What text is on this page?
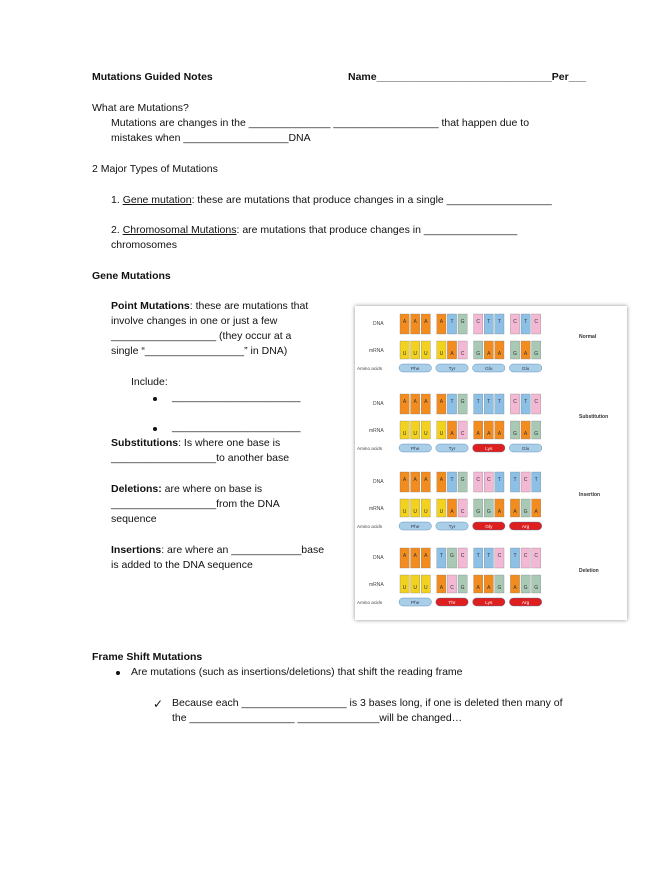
Mutations Guided Notes	Name______________________________Per___
What are Mutations?
Mutations are changes in the ______________ __________________ that happen due to
mistakes when __________________DNA
2 Major Types of Mutations
1. Gene mutation: these are mutations that produce changes in a single __________________
2. Chromosomal Mutations: are mutations that produce changes in ________________
chromosomes
Gene Mutations
Point Mutations: these are mutations that
involve changes in one or just a few
__________________ (they occur at a
single “_________________” in DNA)
Include:
______________________
______________________
Substitutions: Is where one base is
__________________to another base
Deletions: are where on base is
__________________from the DNA
sequence
Insertions: are where an ____________base
is added to the DNA sequence
DNA
mRNA
Amino acids
Normal
A A A A T G C T T C T C
U U U U A C G A A G A G
Phe	Tyr	Glu	Glu
DNA
mRNA
Amino acids
Substitution
A A A A T G T T T C T C
U U U U A C A A A G A G
Phe	Tyr	Lys	Glu
DNA
mRNA
Amino acids
Insertion
A A A A T G C C T	T C T
U U U U A C G G A A G A
Phe	Tyr	Gly	Arg
DNA
mRNA
Amino acids
Deletion
A A A T G C T T C T C C
U U U A C G A A G A G G
Phe	Thr	Lys	Arg
Frame Shift Mutations
Are mutations (such as insertions/deletions) that shift the reading frame
✓ Because each __________________ is 3 bases long, if one is deleted then many of
the __________________ ______________will be changed…
